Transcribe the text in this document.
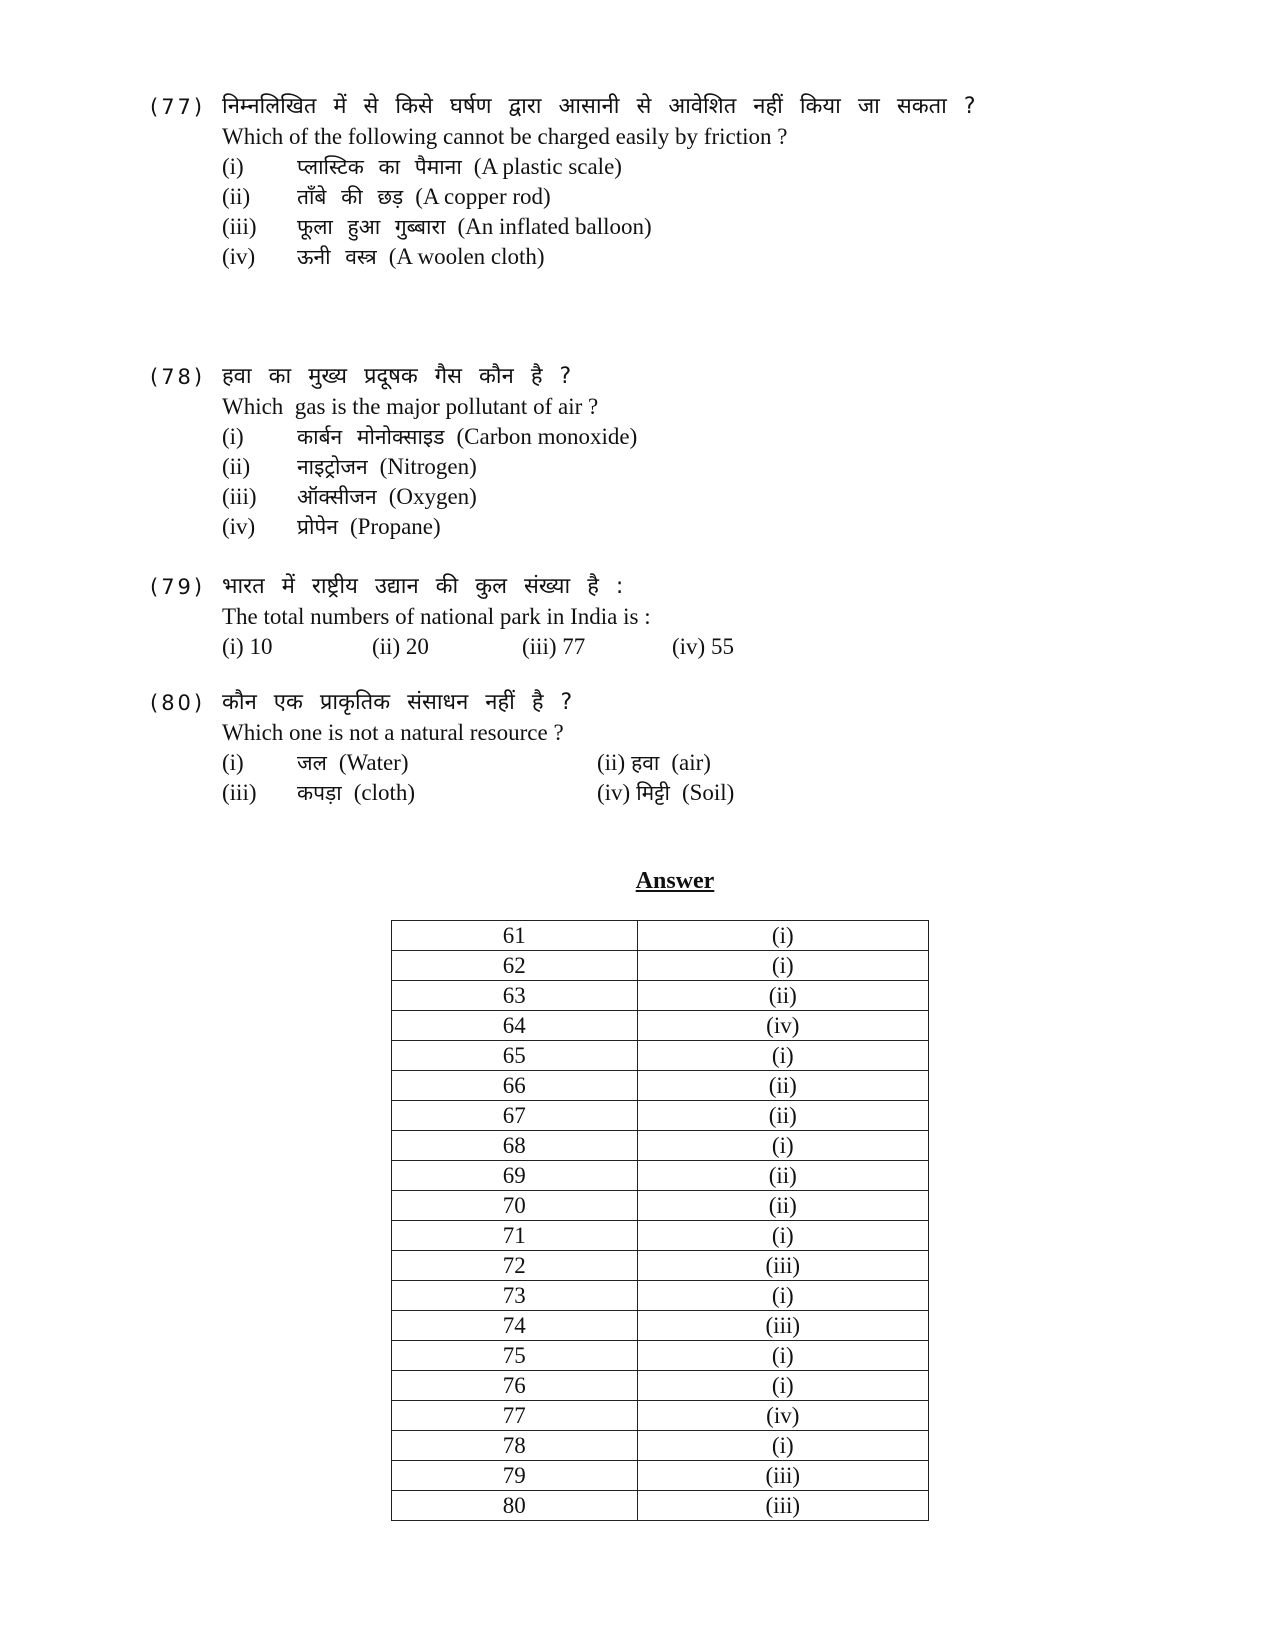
(77) निम्नलिखित में से किसे घर्षण द्वारा आसानी से आवेशित नहीं किया जा सकता ?
Which of the following cannot be charged easily by friction ?
(i)	प्लास्टिक का पैमाना (A plastic scale)
(ii)	ताँबे की छड़ (A copper rod)
(iii)	फूला हुआ गुब्बारा (An inflated balloon)
(iv)	ऊनी वस्त्र (A woolen cloth)
(78) हवा का मुख्य प्रदूषक गैस कौन है ?
Which  gas is the major pollutant of air ?
(i)	कार्बन मोनोक्साइड (Carbon monoxide)
(ii)	नाइट्रोजन (Nitrogen)
(iii)	ऑक्सीजन (Oxygen)
(iv)	प्रोपेन (Propane)
(79) भारत में राष्ट्रीय उद्यान की कुल संख्या है :
The total numbers of national park in India is :
(i) 10	(ii) 20	(iii) 77	(iv) 55
(80) कौन एक प्राकृतिक संसाधन नहीं है ?
Which one is not a natural resource ?
(i)	जल (Water)	(ii) हवा (air)
(iii)	कपड़ा (cloth)	(iv) मिट्टी (Soil)
Answer
61	(i)
62	(i)
63	(ii)
64	(iv)
65	(i)
66	(ii)
67	(ii)
68	(i)
69	(ii)
70	(ii)
71	(i)
72	(iii)
73	(i)
74	(iii)
75	(i)
76	(i)
77	(iv)
78	(i)
79	(iii)
80	(iii)
